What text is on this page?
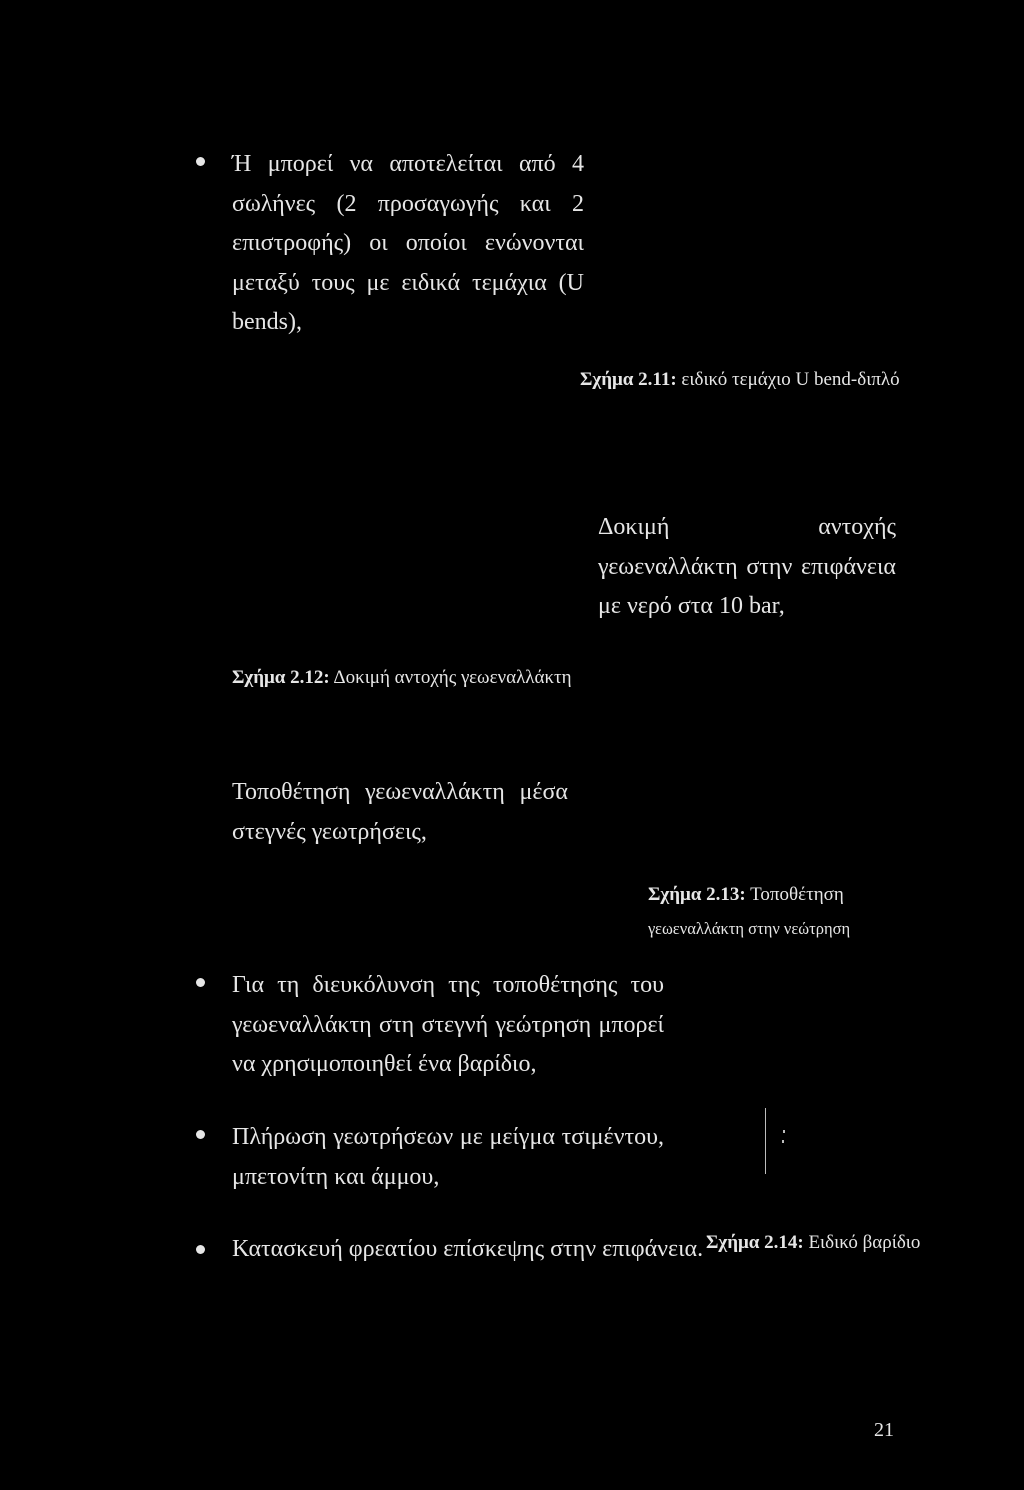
Ή μπορεί να αποτελείται από 4 σωλήνες (2 προσαγωγής και 2 επιστροφής) οι οποίοι ενώνονται μεταξύ τους με ειδικά τεμάχια (U bends),
Σχήμα 2.11: ειδικό τεμάχιο U bend-διπλό
Δοκιμή αντοχής γεωεναλλάκτη στην επιφάνεια με νερό στα 10 bar,
Σχήμα 2.12: Δοκιμή αντοχής γεωεναλλάκτη
Τοποθέτηση γεωεναλλάκτη μέσα στεγνές γεωτρήσεις,
Σχήμα 2.13: Τοποθέτηση
γεωεναλλάκτη στην νεώτρηση
Για τη διευκόλυνση της τοποθέτησης του γεωεναλλάκτη στη στεγνή γεώτρηση μπορεί να χρησιμοποιηθεί ένα βαρίδιο,
Πλήρωση γεωτρήσεων με μείγμα τσιμέντου, μπετονίτη και άμμου,
Κατασκευή φρεατίου επίσκεψης στην επιφάνεια. Σχήμα 2.14: Ειδικό βαρίδιο
21
